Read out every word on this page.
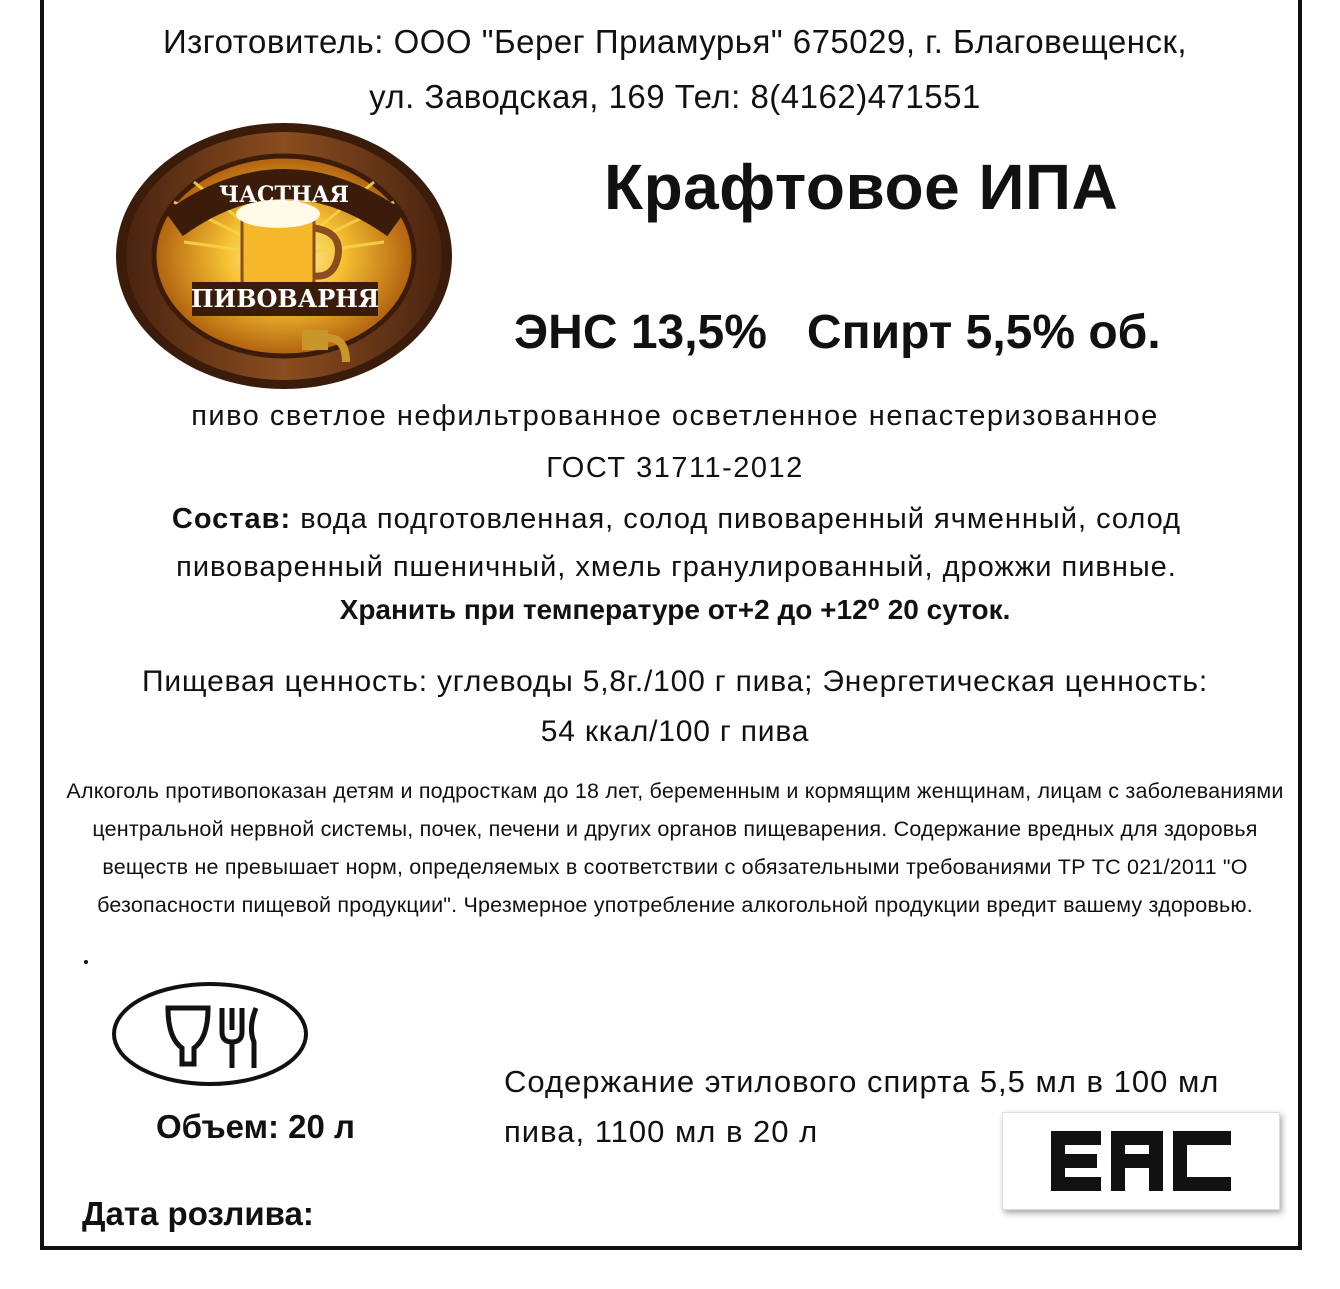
Изготовитель: ООО "Берег Приамурья" 675029, г. Благовещенск,
ул. Заводская, 169 Тел: 8(4162)471551
ЧАСТНАЯ
ПИВОВАРНЯ
Крафтовое ИПА
ЭНС 13,5% Спирт 5,5% об.
пиво светлое нефильтрованное осветленное непастеризованное
ГОСТ 31711-2012
Состав: вода подготовленная, солод пивоваренный ячменный, солод пивоваренный пшеничный, хмель гранулированный, дрожжи пивные.
Хранить при температуре от+2 до +12⁰ 20 суток.
Пищевая ценность: углеводы 5,8г./100 г пива; Энергетическая ценность:
54 ккал/100 г пива
Алкоголь противопоказан детям и подросткам до 18 лет, беременным и кормящим женщинам, лицам с заболеваниями центральной нервной системы, почек, печени и других органов пищеварения. Содержание вредных для здоровья веществ не превышает норм, определяемых в соответствии с обязательными требованиями ТР ТС 021/2011 "О безопасности пищевой продукции". Чрезмерное употребление алкогольной продукции вредит вашему здоровью.
Объем: 20 л
Содержание этилового спирта 5,5 мл в 100 мл пива, 1100 мл в 20 л
Дата розлива:
